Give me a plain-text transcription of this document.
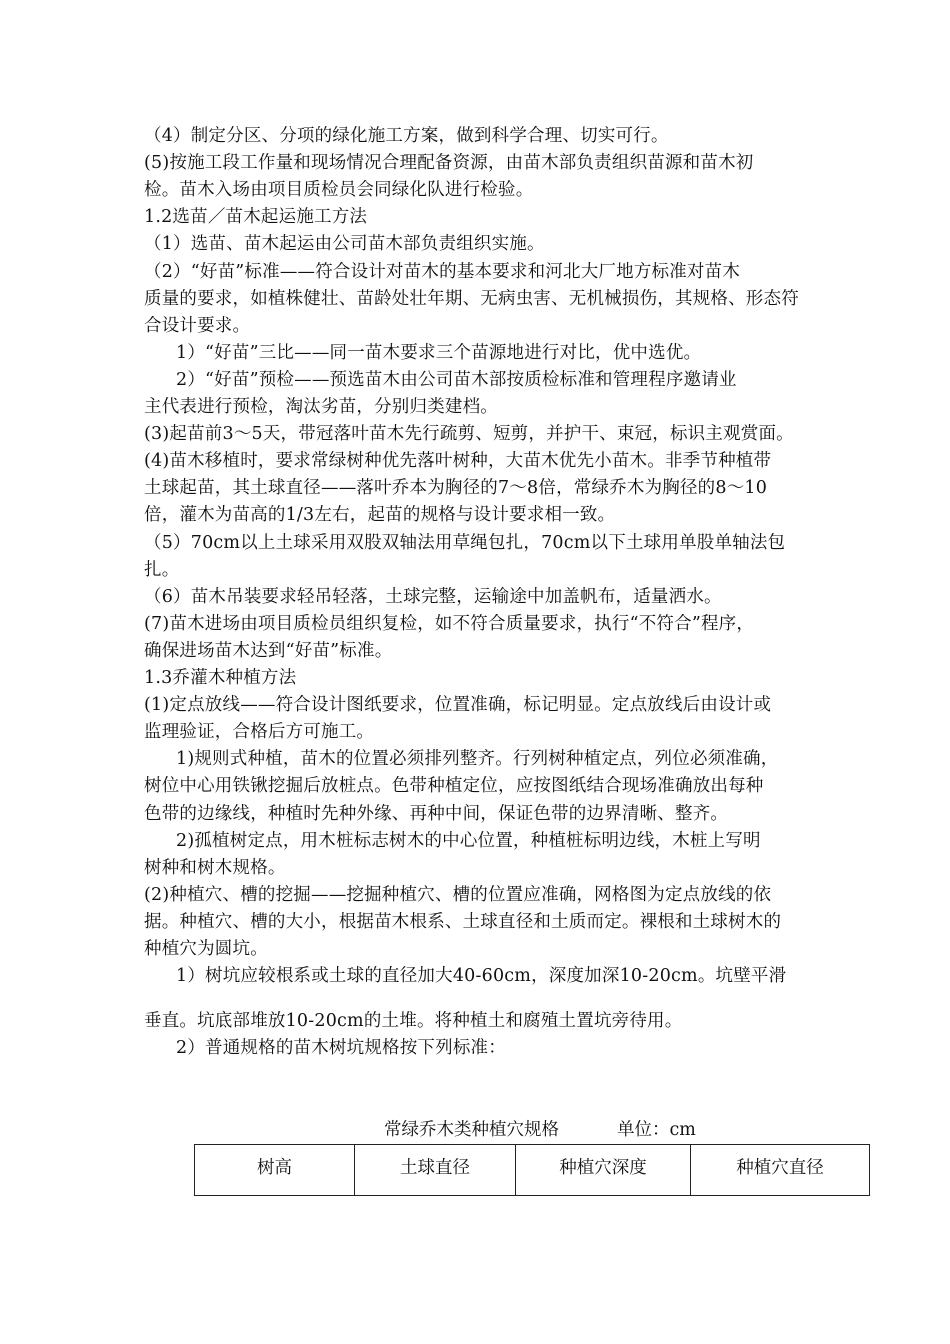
（4）制定分区、分项的绿化施工方案，做到科学合理、切实可行。
(5)按施工段工作量和现场情况合理配备资源，由苗木部负责组织苗源和苗木初
检。苗木入场由项目质检员会同绿化队进行检验。
1.2选苗／苗木起运施工方法
（1）选苗、苗木起运由公司苗木部负责组织实施。
（2）“好苗”标准——符合设计对苗木的基本要求和河北大厂地方标准对苗木
质量的要求，如植株健壮、苗龄处壮年期、无病虫害、无机械损伤，其规格、形态符
合设计要求。
1）“好苗”三比——同一苗木要求三个苗源地进行对比，优中选优。
2）“好苗”预检——预选苗木由公司苗木部按质检标准和管理程序邀请业
主代表进行预检，淘汰劣苗，分别归类建档。
(3)起苗前3～5天，带冠落叶苗木先行疏剪、短剪，并护干、束冠，标识主观赏面。
(4)苗木移植时，要求常绿树种优先落叶树种，大苗木优先小苗木。非季节种植带
土球起苗，其土球直径——落叶乔本为胸径的7～8倍，常绿乔木为胸径的8～10
倍，灌木为苗高的1/3左右，起苗的规格与设计要求相一致。
（5）70cm以上土球采用双股双轴法用草绳包扎，70cm以下土球用单股单轴法包
扎。
（6）苗木吊装要求轻吊轻落，土球完整，运输途中加盖帆布，适量洒水。
(7)苗木进场由项目质检员组织复检，如不符合质量要求，执行“不符合”程序，
确保进场苗木达到“好苗”标准。
1.3乔灌木种植方法
(1)定点放线——符合设计图纸要求，位置准确，标记明显。定点放线后由设计或
监理验证，合格后方可施工。
1)规则式种植，苗木的位置必须排列整齐。行列树种植定点，列位必须准确，
树位中心用铁锹挖掘后放桩点。色带种植定位，应按图纸结合现场准确放出每种
色带的边缘线，种植时先种外缘、再种中间，保证色带的边界清晰、整齐。
2)孤植树定点，用木桩标志树木的中心位置，种植桩标明边线，木桩上写明
树种和树木规格。
(2)种植穴、槽的挖掘——挖掘种植穴、槽的位置应准确，网格图为定点放线的依
据。种植穴、槽的大小，根据苗木根系、土球直径和土质而定。裸根和土球树木的
种植穴为圆坑。
1）树坑应较根系或土球的直径加大40-60cm，深度加深10-20cm。坑壁平滑
垂直。坑底部堆放10-20cm的土堆。将种植土和腐殖土置坑旁待用。
2）普通规格的苗木树坑规格按下列标准：
常绿乔木类种植穴规格	单位：cm
树高	土球直径	种植穴深度	种植穴直径
